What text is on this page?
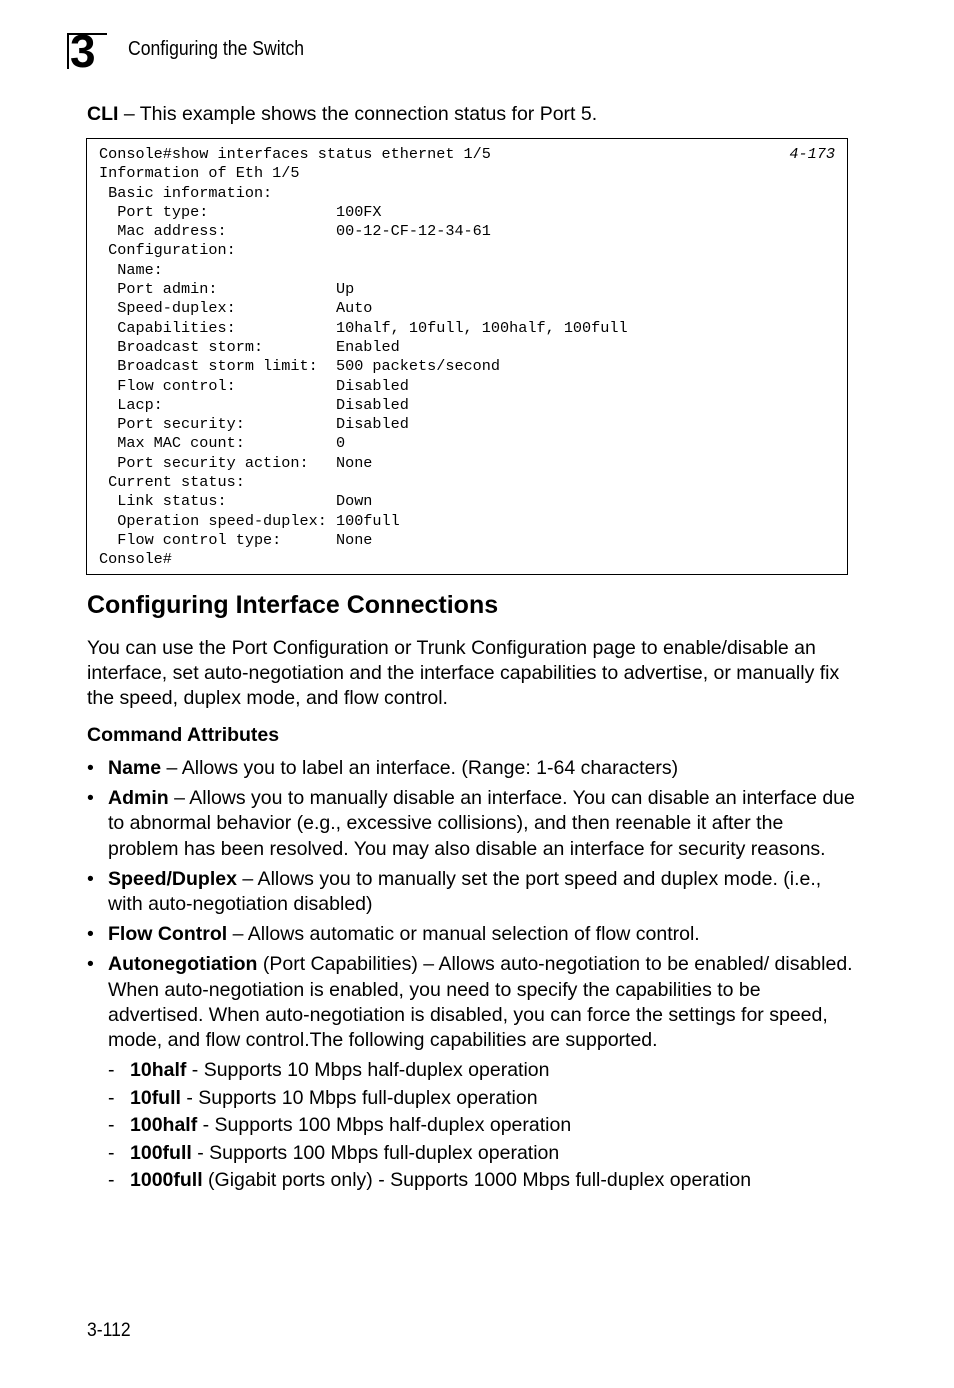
3 Configuring the Switch
CLI – This example shows the connection status for Port 5.
Console#show interfaces status ethernet 1/5
Information of Eth 1/5
Basic information:
Port type:              100FX
Mac address:            00-12-CF-12-34-61
Configuration:
Name:
Port admin:             Up
Speed-duplex:           Auto
Capabilities:           10half, 10full, 100half, 100full
Broadcast storm:        Enabled
Broadcast storm limit:  500 packets/second
Flow control:           Disabled
Lacp:                   Disabled
Port security:          Disabled
Max MAC count:          0
Port security action:   None
Current status:
Link status:            Down
Operation speed-duplex: 100full
Flow control type:      None
Console#
4-173
Configuring Interface Connections

You can use the Port Configuration or Trunk Configuration page to enable/disable an interface, set auto-negotiation and the interface capabilities to advertise, or manually fix the speed, duplex mode, and flow control.

Command Attributes
• Name – Allows you to label an interface. (Range: 1-64 characters)
• Admin – Allows you to manually disable an interface. You can disable an interface due to abnormal behavior (e.g., excessive collisions), and then reenable it after the problem has been resolved. You may also disable an interface for security reasons.
• Speed/Duplex – Allows you to manually set the port speed and duplex mode. (i.e., with auto-negotiation disabled)
• Flow Control – Allows automatic or manual selection of flow control.
• Autonegotiation (Port Capabilities) – Allows auto-negotiation to be enabled/ disabled. When auto-negotiation is enabled, you need to specify the capabilities to be advertised. When auto-negotiation is disabled, you can force the settings for speed, mode, and flow control.The following capabilities are supported.
- 10half - Supports 10 Mbps half-duplex operation
- 10full - Supports 10 Mbps full-duplex operation
- 100half - Supports 100 Mbps half-duplex operation
- 100full - Supports 100 Mbps full-duplex operation
- 1000full (Gigabit ports only) - Supports 1000 Mbps full-duplex operation
3-112
